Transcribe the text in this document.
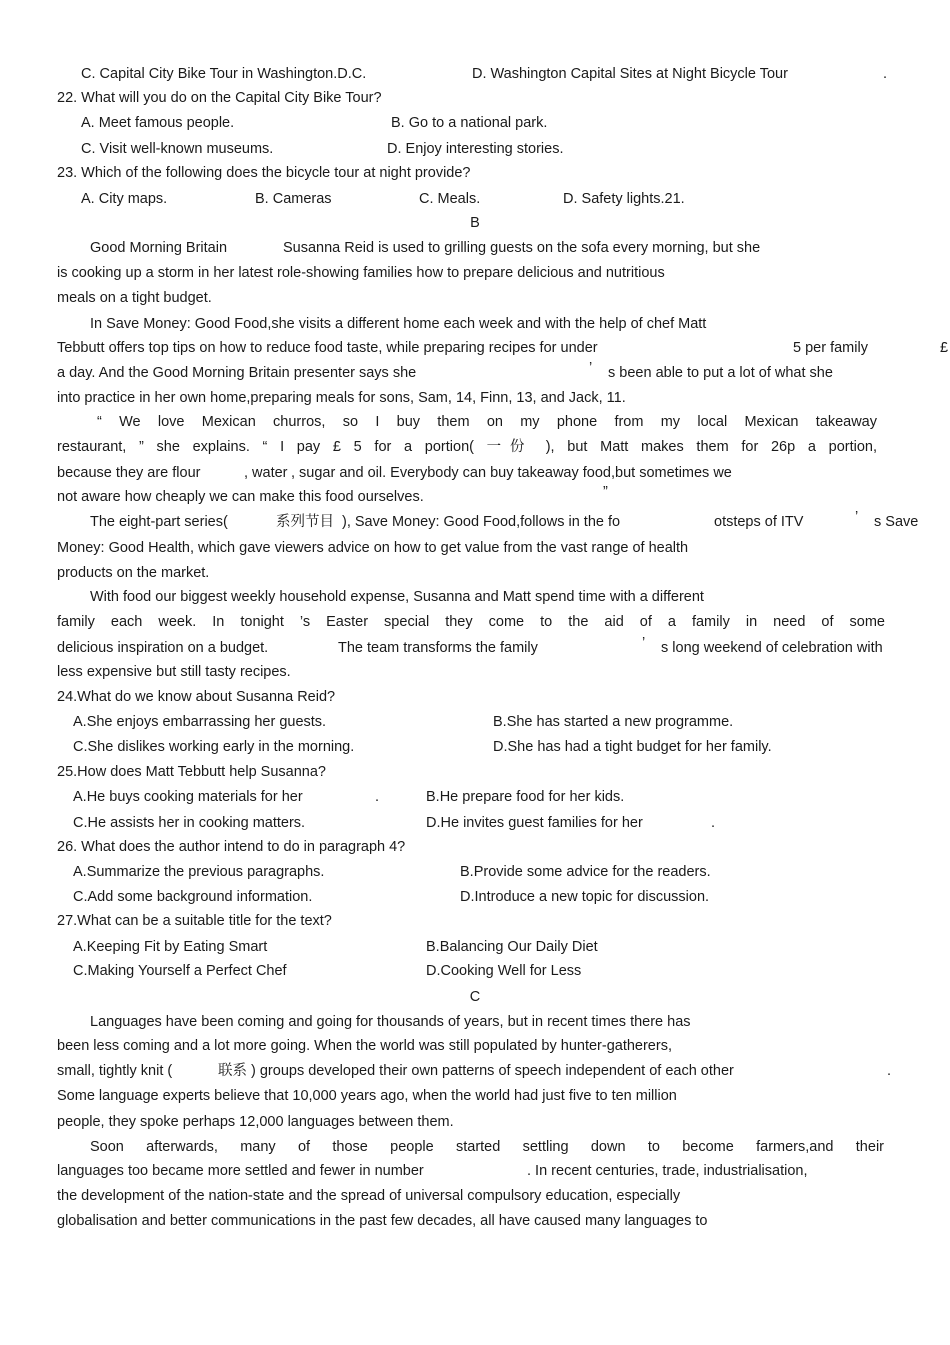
C. Capital City Bike Tour in Washington.D.C.	D. Washington Capital Sites at Night Bicycle Tour	.
22. What will you do on the Capital City Bike Tour?
A. Meet famous people.	B. Go to a national park.
C. Visit well-known museums.	D. Enjoy interesting stories.
23. Which of the following does the bicycle tour at night provide?
A. City maps.	B. Cameras	C. Meals.	D. Safety lights.21.
B
Good Morning Britain	Susanna Reid is used to grilling guests on the sofa every morning, but she
is cooking up a storm in her latest role-showing families how to prepare delicious and nutritious
meals on a tight budget.
In Save Money: Good Food,she visits a different home each week and with the help of chef Matt
Tebbutt offers top tips on how to reduce food taste, while preparing recipes for under	5 per family	£
a day. And the Good Morning Britain presenter says she	’ s been able to put a lot of what she
into practice in her own home,preparing meals for sons, Sam, 14, Finn, 13, and Jack, 11.
“ We love Mexican churros, so I buy them on my phone from my local Mexican takeaway
restaurant, ” she explains. “ I pay £ 5 for a portion( 一份 ), but Matt makes them for 26p a portion,
because they are flour	, water , sugar and oil. Everybody can buy takeaway food,but sometimes we
not aware how cheaply we can make this food ourselves.	”
The eight-part series(	系列节目 ), Save Money: Good Food,follows in the fo	otsteps of ITV	’ s Save
Money: Good Health, which gave viewers advice on how to get value from the vast range of health
products on the market.
With food our biggest weekly household expense, Susanna and Matt spend time with a different
family each week. In tonight ’s Easter special they come to the aid of a family in need of some
delicious inspiration on a budget.	The team transforms the family	’ s long weekend of celebration with
less expensive but still tasty recipes.
24.What do we know about Susanna Reid?
A.She enjoys embarrassing her guests.	B.She has started a new programme.
C.She dislikes working early in the morning.	D.She has had a tight budget for her family.
25.How does Matt Tebbutt help Susanna?
A.He buys cooking materials for her	.	B.He prepare food for her kids.
C.He assists her in cooking matters.	D.He invites guest families for her	.
26. What does the author intend to do in paragraph 4?
A.Summarize the previous paragraphs.	B.Provide some advice for the readers.
C.Add some background information.	D.Introduce a new topic for discussion.
27.What can be a suitable title for the text?
A.Keeping Fit by Eating Smart	B.Balancing Our Daily Diet
C.Making Yourself a Perfect Chef	D.Cooking Well for Less
C
Languages have been coming and going for thousands of years, but in recent times there has
been less coming and a lot more going. When the world was still populated by hunter-gatherers,
small, tightly knit (	联系 ) groups developed their own patterns of speech independent of each other	.
Some language experts believe that 10,000 years ago, when the world had just five to ten million
people, they spoke perhaps 12,000 languages between them.
Soon afterwards, many of those people started settling down to become farmers,and their
languages too became more settled and fewer in number	. In recent centuries, trade, industrialisation,
the development of the nation-state and the spread of universal compulsory education, especially
globalisation and better communications in the past few decades, all have caused many languages to
